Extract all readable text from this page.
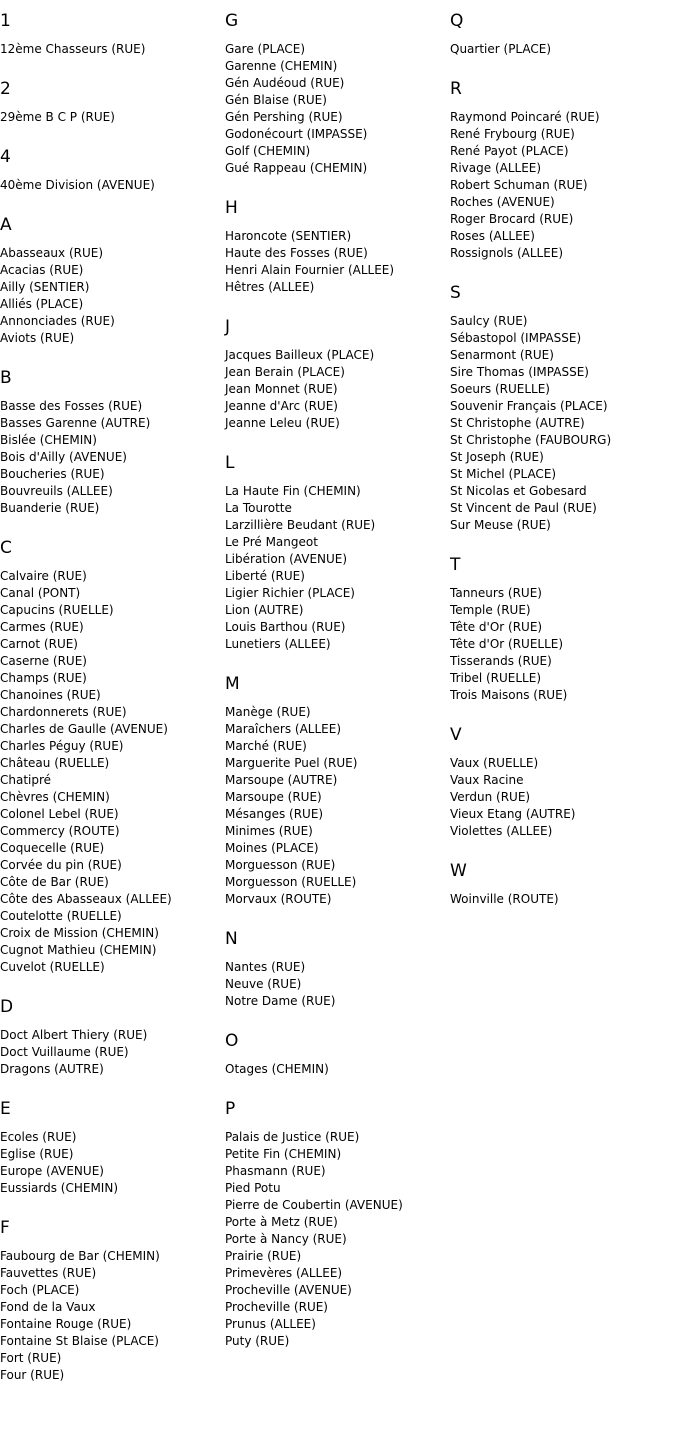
1
12ème Chasseurs (RUE)
2
29ème B C P (RUE)
4
40ème Division (AVENUE)
A
Abasseaux (RUE)
Acacias (RUE)
Ailly (SENTIER)
Alliés (PLACE)
Annonciades (RUE)
Aviots (RUE)
B
Basse des Fosses (RUE)
Basses Garenne (AUTRE)
Bislée (CHEMIN)
Bois d'Ailly (AVENUE)
Boucheries (RUE)
Bouvreuils (ALLEE)
Buanderie (RUE)
C
Calvaire (RUE)
Canal (PONT)
Capucins (RUELLE)
Carmes (RUE)
Carnot (RUE)
Caserne (RUE)
Champs (RUE)
Chanoines (RUE)
Chardonnerets (RUE)
Charles de Gaulle (AVENUE)
Charles Péguy (RUE)
Château (RUELLE)
Chatipré
Chèvres (CHEMIN)
Colonel Lebel (RUE)
Commercy (ROUTE)
Coquecelle (RUE)
Corvée du pin (RUE)
Côte de Bar (RUE)
Côte des Abasseaux (ALLEE)
Coutelotte (RUELLE)
Croix de Mission (CHEMIN)
Cugnot Mathieu (CHEMIN)
Cuvelot (RUELLE)
D
Doct Albert Thiery (RUE)
Doct Vuillaume (RUE)
Dragons (AUTRE)
E
Ecoles (RUE)
Eglise (RUE)
Europe (AVENUE)
Eussiards (CHEMIN)
F
Faubourg de Bar (CHEMIN)
Fauvettes (RUE)
Foch (PLACE)
Fond de la Vaux
Fontaine Rouge (RUE)
Fontaine St Blaise (PLACE)
Fort (RUE)
Four (RUE)
G
Gare (PLACE)
Garenne (CHEMIN)
Gén Audéoud (RUE)
Gén Blaise (RUE)
Gén Pershing (RUE)
Godonécourt (IMPASSE)
Golf (CHEMIN)
Gué Rappeau (CHEMIN)
H
Haroncote (SENTIER)
Haute des Fosses (RUE)
Henri Alain Fournier (ALLEE)
Hêtres (ALLEE)
J
Jacques Bailleux (PLACE)
Jean Berain (PLACE)
Jean Monnet (RUE)
Jeanne d'Arc (RUE)
Jeanne Leleu (RUE)
L
La Haute Fin (CHEMIN)
La Tourotte
Larzillière Beudant (RUE)
Le Pré Mangeot
Libération (AVENUE)
Liberté (RUE)
Ligier Richier (PLACE)
Lion (AUTRE)
Louis Barthou (RUE)
Lunetiers (ALLEE)
M
Manège (RUE)
Maraîchers (ALLEE)
Marché (RUE)
Marguerite Puel (RUE)
Marsoupe (AUTRE)
Marsoupe (RUE)
Mésanges (RUE)
Minimes (RUE)
Moines (PLACE)
Morguesson (RUE)
Morguesson (RUELLE)
Morvaux (ROUTE)
N
Nantes (RUE)
Neuve (RUE)
Notre Dame (RUE)
O
Otages (CHEMIN)
P
Palais de Justice (RUE)
Petite Fin (CHEMIN)
Phasmann (RUE)
Pied Potu
Pierre de Coubertin (AVENUE)
Porte à Metz (RUE)
Porte à Nancy (RUE)
Prairie (RUE)
Primevères (ALLEE)
Procheville (AVENUE)
Procheville (RUE)
Prunus (ALLEE)
Puty (RUE)
Q
Quartier (PLACE)
R
Raymond Poincaré (RUE)
René Frybourg (RUE)
René Payot (PLACE)
Rivage (ALLEE)
Robert Schuman (RUE)
Roches (AVENUE)
Roger Brocard (RUE)
Roses (ALLEE)
Rossignols (ALLEE)
S
Saulcy (RUE)
Sébastopol (IMPASSE)
Senarmont (RUE)
Sire Thomas (IMPASSE)
Soeurs (RUELLE)
Souvenir Français (PLACE)
St Christophe (AUTRE)
St Christophe (FAUBOURG)
St Joseph (RUE)
St Michel (PLACE)
St Nicolas et Gobesard
St Vincent de Paul (RUE)
Sur Meuse (RUE)
T
Tanneurs (RUE)
Temple (RUE)
Tête d'Or (RUE)
Tête d'Or (RUELLE)
Tisserands (RUE)
Tribel (RUELLE)
Trois Maisons (RUE)
V
Vaux (RUELLE)
Vaux Racine
Verdun (RUE)
Vieux Etang (AUTRE)
Violettes (ALLEE)
W
Woinville (ROUTE)
